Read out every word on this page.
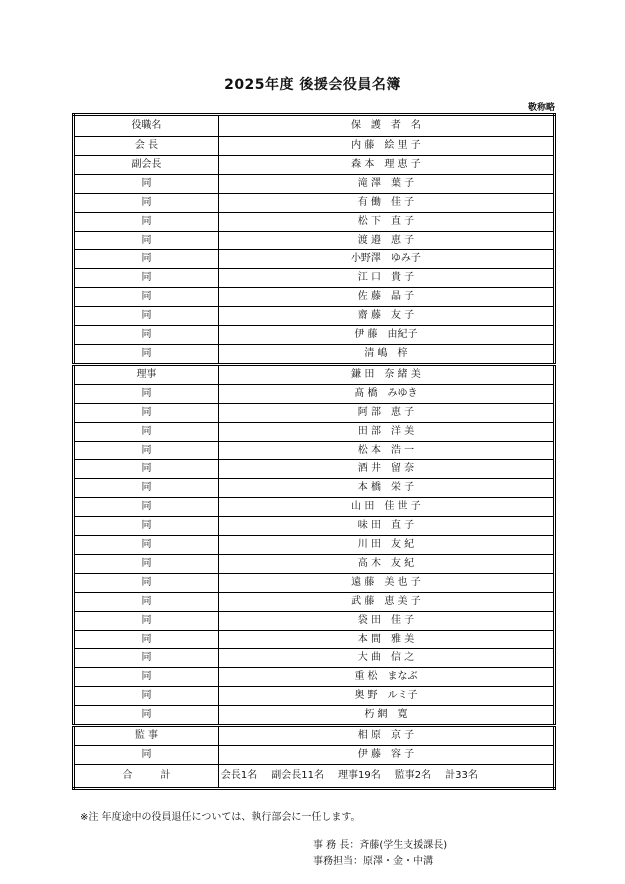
2025年度 後援会役員名簿
敬称略
役職名	保　護　者　名
会 長	内 藤　絵 里 子
副会長	森 本　理 恵 子
同	滝 澤　葉 子
同	有 働　佳 子
同	松 下　直 子
同	渡 邉　恵 子
同	小野澤　ゆみ子
同	江 口　貴 子
同	佐 藤　晶 子
同	齋 藤　友 子
同	伊 藤　由紀子
同	清 嶋　梓
理事	鎌 田　奈 緒 美
同	髙 橋　みゆき
同	阿 部　恵 子
同	田 部　洋 美
同	松 本　浩 一
同	酒 井　留 奈
同	本 橋　栄 子
同	山 田　佳 世 子
同	味 田　直 子
同	川 田　友 紀
同	高 木　友 紀
同	遠 藤　美 也 子
同	武 藤　恵 美 子
同	袋 田　佳 子
同	本 間　雅 美
同	大 曲　信 之
同	重 松　まなぶ
同	奥 野　ルミ子
同	朽 網　寛
監 事	相 原　京 子
同	伊 藤　容 子
合計	会長1名 副会長11名 理事19名 監事2名 計33名
※注 年度途中の役員退任については、執行部会に一任します。
事 務 長：斉藤(学生支援課長)
事務担当：原澤・金・中溝
